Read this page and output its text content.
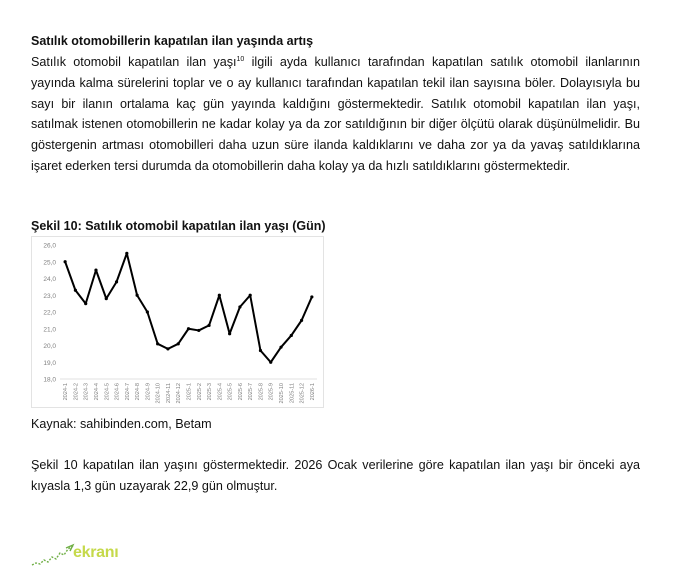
Satılık otomobillerin kapatılan ilan yaşında artış
Satılık otomobil kapatılan ilan yaşı$^{10}$ ilgili ayda kullanıcı tarafından kapatılan satılık otomobil ilanlarının yayında kalma sürelerini toplar ve o ay kullanıcı tarafından kapatılan tekil ilan sayısına böler. Dolayısıyla bu sayı bir ilanın ortalama kaç gün yayında kaldığını göstermektedir. Satılık otomobil kapatılan ilan yaşı, satılmak istenen otomobillerin ne kadar kolay ya da zor satıldığının bir diğer ölçütü olarak düşünülmelidir. Bu göstergenin artması otomobilleri daha uzun süre ilanda kaldıklarını ve daha zor ya da yavaş satıldıklarına işaret ederken tersi durumda da otomobillerin daha kolay ya da hızlı satıldıklarını göstermektedir.
Şekil 10: Satılık otomobil kapatılan ilan yaşı (Gün)
18,0
19,0
20,0
21,0
22,0
23,0
24,0
25,0
26,0
2024-1 2024-2 2024-3 2024-4 2024-5 2024-6 2024-7 2024-8 2024-9 2024-10 2024-11 2024-12 2025-1 2025-2 2025-3 2025-4 2025-5 2025-6 2025-7 2025-8 2025-9 2025-10 2025-11 2025-12 2026-1
Kaynak: sahibinden.com, Betam
Şekil 10 kapatılan ilan yaşını göstermektedir. 2026 Ocak verilerine göre kapatılan ilan yaşı bir önceki aya kıyasla 1,3 gün uzayarak 22,9 gün olmuştur.
ekranı
